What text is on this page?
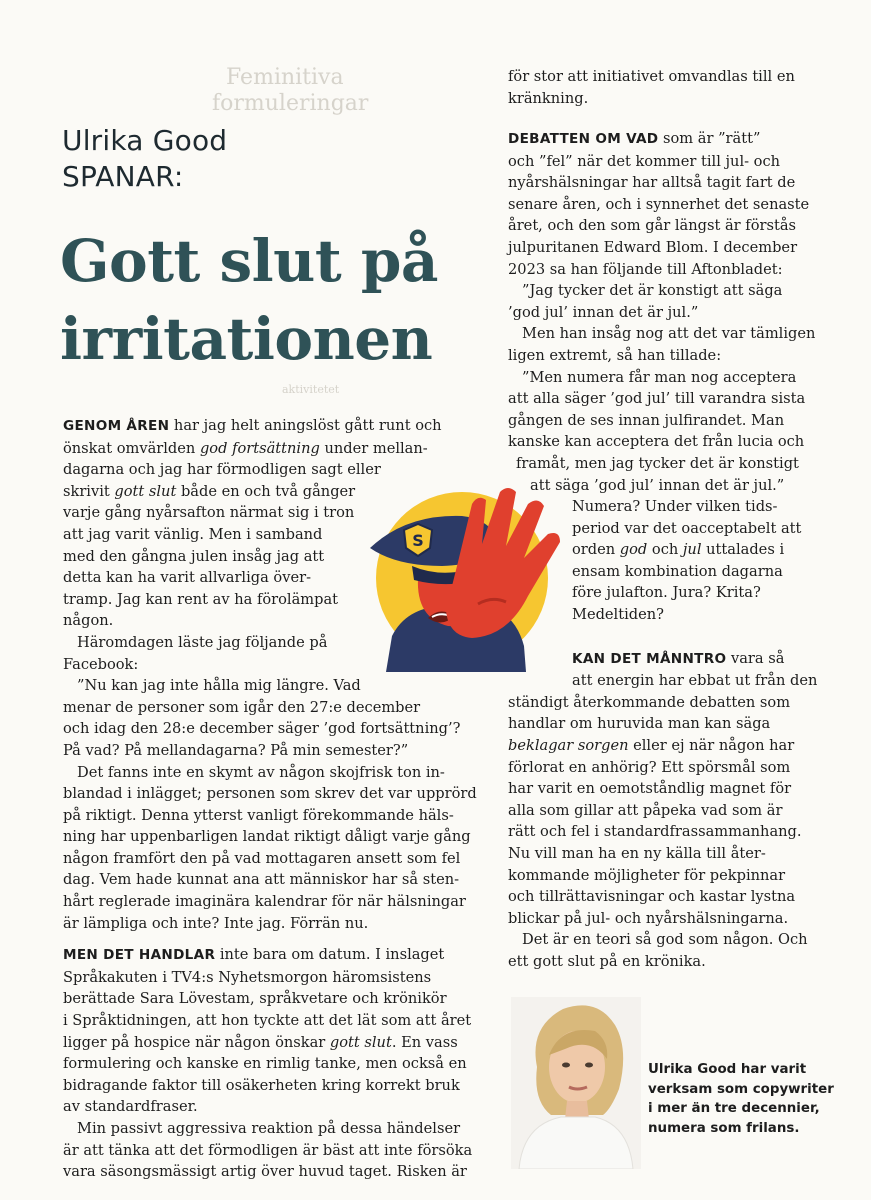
Feminitiva
formuleringar
aktivitetet
Ulrika Good
SPANAR:
Gott slut på
irritationen
S

GENOM ÅREN har jag helt aningslöst gått runt och
önskat omvärlden god fortsättning under mellan-
dagarna och jag har förmodligen sagt eller
skrivit gott slut både en och två gånger
varje gång nyårsafton närmat sig i tron
att jag varit vänlig. Men i samband
med den gångna julen insåg jag att
detta kan ha varit allvarliga över-
tramp. Jag kan rent av ha förolämpat
någon.

Häromdagen läste jag följande på
Facebook:

”Nu kan jag inte hålla mig längre. Vad
menar de personer som igår den 27:e december
och idag den 28:e december säger ’god fortsättning’?
På vad? På mellandagarna? På min semester?”

Det fanns inte en skymt av någon skojfrisk ton in-
blandad i inlägget; personen som skrev det var upprörd
på riktigt. Denna ytterst vanligt förekommande häls-
ning har uppenbarligen landat riktigt dåligt varje gång
någon framfört den på vad mottagaren ansett som fel
dag. Vem hade kunnat ana att människor har så sten-
hårt reglerade imaginära kalendrar för när hälsningar
är lämpliga och inte? Inte jag. Förrän nu.

MEN DET HANDLAR inte bara om datum. I inslaget
Språkakuten i TV4:s Nyhetsmorgon häromsistens
berättade Sara Lövestam, språkvetare och krönikör
i Språktidningen, att hon tyckte att det lät som att året
ligger på hospice när någon önskar gott slut. En vass
formulering och kanske en rimlig tanke, men också en
bidragande faktor till osäkerheten kring korrekt bruk
av standardfraser.

Min passivt aggressiva reaktion på dessa händelser
är att tänka att det förmodligen är bäst att inte försöka
vara säsongsmässigt artig över huvud taget. Risken är

för stor att initiativet omvandlas till en
kränkning.

DEBATTEN OM VAD som är ”rätt”
och ”fel” när det kommer till jul- och
nyårshälsningar har alltså tagit fart de
senare åren, och i synnerhet det senaste
året, och den som går längst är förstås
julpuritanen Edward Blom. I december
2023 sa han följande till Aftonbladet:

”Jag tycker det är konstigt att säga
’god jul’ innan det är jul.”

Men han insåg nog att det var tämligen
ligen extremt, så han tillade:

”Men numera får man nog acceptera
att alla säger ’god jul’ till varandra sista
gången de ses innan julfirandet. Man
kanske kan acceptera det från lucia och
framåt, men jag tycker det är konstigt
att säga ’god jul’ innan det är jul.”

Numera? Under vilken tids-
period var det oacceptabelt att
orden god och jul uttalades i
ensam kombination dagarna
före julafton. Jura? Krita?
Medeltiden?

KAN DET MÅNNTRO vara så
att energin har ebbat ut från den
ständigt återkommande debatten som
handlar om huruvida man kan säga
beklagar sorgen eller ej när någon har
förlorat en anhörig? Ett spörsmål som
har varit en oemotståndlig magnet för
alla som gillar att påpeka vad som är
rätt och fel i standardfrassammanhang.
Nu vill man ha en ny källa till åter-
kommande möjligheter för pekpinnar
och tillrättavisningar och kastar lystna
blickar på jul- och nyårshälsningarna.

Det är en teori så god som någon. Och
ett gott slut på en krönika.

Ulrika Good har varit
verksam som copywriter
i mer än tre decennier,
numera som frilans.
